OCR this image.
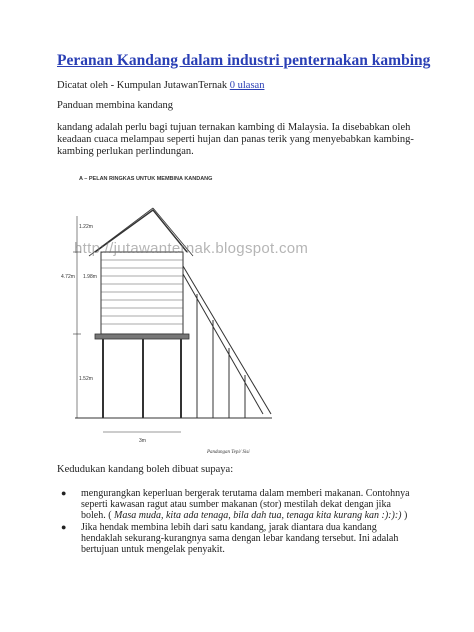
Peranan Kandang dalam industri penternakan kambing
Dicatat oleh - Kumpulan JutawanTernak 0 ulasan
Panduan membina kandang
kandang adalah perlu bagi tujuan ternakan kambing di Malaysia. Ia disebabkan oleh keadaan cuaca melampau seperti hujan dan panas terik yang menyebabkan kambing-kambing perlukan perlindungan.
A – PELAN RINGKAS UNTUK MEMBINA KANDANG
1.22m
4.72m 1.98m
1.52m
3m
Pandangan Tepi/ Sisi
http://jutawanternak.blogspot.com
Kedudukan kandang boleh dibuat supaya:
● mengurangkan keperluan bergerak terutama dalam memberi makanan. Contohnya seperti kawasan ragut atau sumber makanan (stor) mestilah dekat dengan jika boleh. ( Masa muda, kita ada tenaga, bila dah tua, tenaga kita kurang kan :):):) )
● Jika hendak membina lebih dari satu kandang, jarak diantara dua kandang hendaklah sekurang-kurangnya sama dengan lebar kandang tersebut. Ini adalah bertujuan untuk mengelak penyakit.
